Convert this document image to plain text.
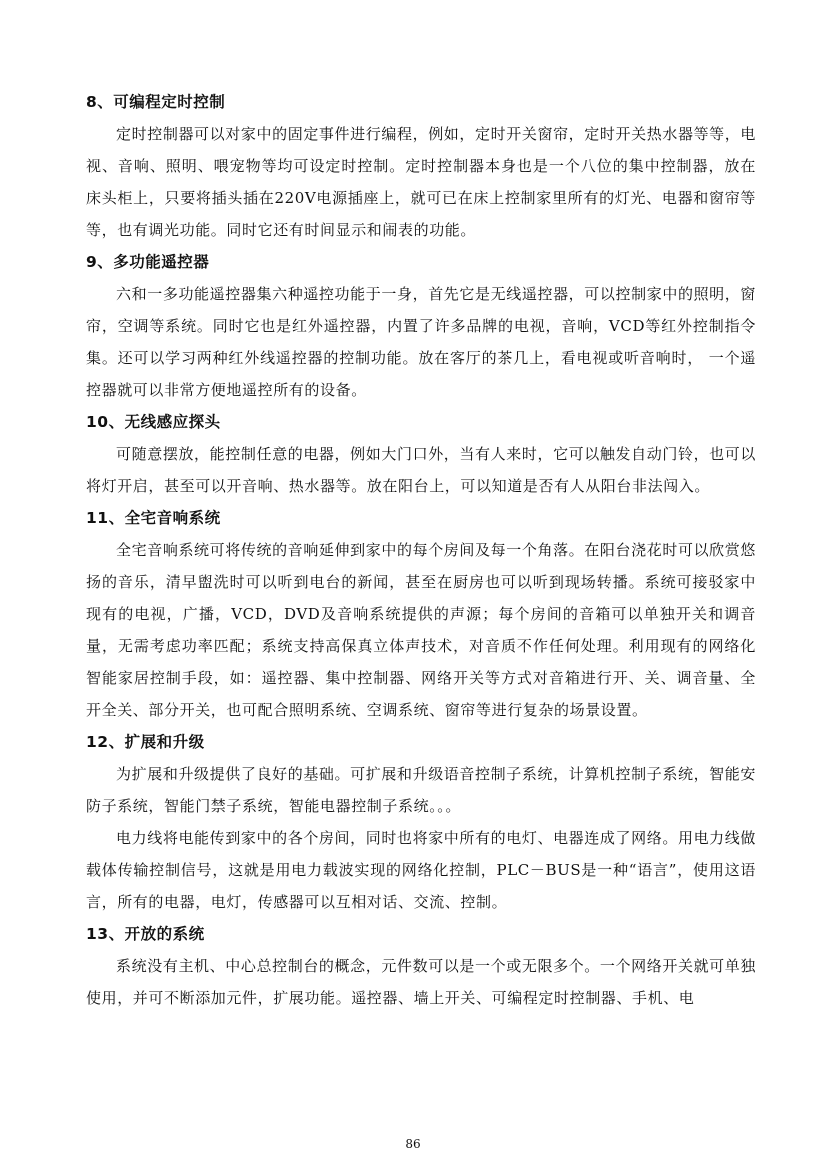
8、可编程定时控制

定时控制器可以对家中的固定事件进行编程，例如，定时开关窗帘，定时开关热水器等等，电视、音响、照明、喂宠物等均可设定时控制。定时控制器本身也是一个八位的集中控制器，放在床头柜上，只要将插头插在220V电源插座上，就可已在床上控制家里所有的灯光、电器和窗帘等等，也有调光功能。同时它还有时间显示和闹表的功能。

9、多功能遥控器

六和一多功能遥控器集六种遥控功能于一身，首先它是无线遥控器，可以控制家中的照明，窗帘，空调等系统。同时它也是红外遥控器，内置了许多品牌的电视，音响，VCD等红外控制指令集。还可以学习两种红外线遥控器的控制功能。放在客厅的茶几上，看电视或听音响时， 一个遥控器就可以非常方便地遥控所有的设备。

10、无线感应探头

可随意摆放，能控制任意的电器，例如大门口外，当有人来时，它可以触发自动门铃，也可以将灯开启，甚至可以开音响、热水器等。放在阳台上，可以知道是否有人从阳台非法闯入。

11、全宅音响系统

全宅音响系统可将传统的音响延伸到家中的每个房间及每一个角落。在阳台浇花时可以欣赏悠扬的音乐，清早盥洗时可以听到电台的新闻，甚至在厨房也可以听到现场转播。系统可接驳家中现有的电视，广播，VCD，DVD及音响系统提供的声源；每个房间的音箱可以单独开关和调音量，无需考虑功率匹配；系统支持高保真立体声技术，对音质不作任何处理。利用现有的网络化智能家居控制手段，如：遥控器、集中控制器、网络开关等方式对音箱进行开、关、调音量、全开全关、部分开关，也可配合照明系统、空调系统、窗帘等进行复杂的场景设置。

12、扩展和升级

为扩展和升级提供了良好的基础。可扩展和升级语音控制子系统，计算机控制子系统，智能安防子系统，智能门禁子系统，智能电器控制子系统。。。

电力线将电能传到家中的各个房间，同时也将家中所有的电灯、电器连成了网络。用电力线做载体传输控制信号，这就是用电力载波实现的网络化控制，PLC－BUS是一种“语言”，使用这语言，所有的电器，电灯，传感器可以互相对话、交流、控制。

13、开放的系统

系统没有主机、中心总控制台的概念，元件数可以是一个或无限多个。一个网络开关就可单独使用，并可不断添加元件，扩展功能。遥控器、墙上开关、可编程定时控制器、手机、电

86
